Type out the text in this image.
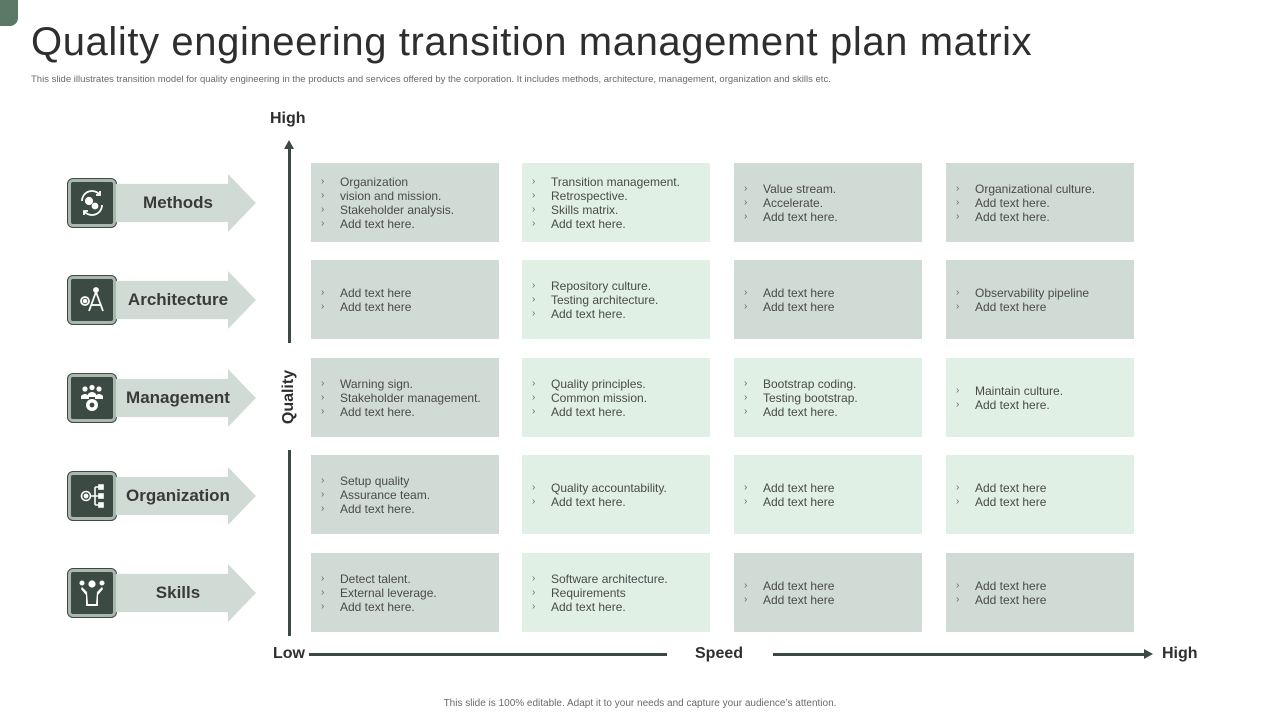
Quality engineering transition management plan matrix

This slide illustrates transition model for quality engineering in the products and services offered by the corporation. It includes methods, architecture, management, organization and skills etc.

Methods
Architecture
Management
Organization
Skills
High
Quality
Low	Speed	High
›	Organization
›	vision and mission.
›	Stakeholder analysis.
›	Add text here.
›	Transition management.
›	Retrospective.
›	Skills matrix.
›	Add text here.
›	Value stream.
›	Accelerate.
›	Add text here.
›	Organizational culture.
›	Add text here.
›	Add text here.
›	Add text here
›	Add text here
›	Repository culture.
›	Testing architecture.
›	Add text here.
›	Add text here
›	Add text here
›	Observability pipeline
›	Add text here
›	Warning sign.
›	Stakeholder management.
›	Add text here.
›	Quality principles.
›	Common mission.
›	Add text here.
›	Bootstrap coding.
›	Testing bootstrap.
›	Add text here.
›	Maintain culture.
›	Add text here.
›	Setup quality
›	Assurance team.
›	Add text here.
›	Quality accountability.
›	Add text here.
›	Add text here
›	Add text here
›	Add text here
›	Add text here
›	Detect talent.
›	External leverage.
›	Add text here.
›	Software architecture.
›	Requirements
›	Add text here.
›	Add text here
›	Add text here
›	Add text here
›	Add text here

This slide is 100% editable. Adapt it to your needs and capture your audience’s attention.
